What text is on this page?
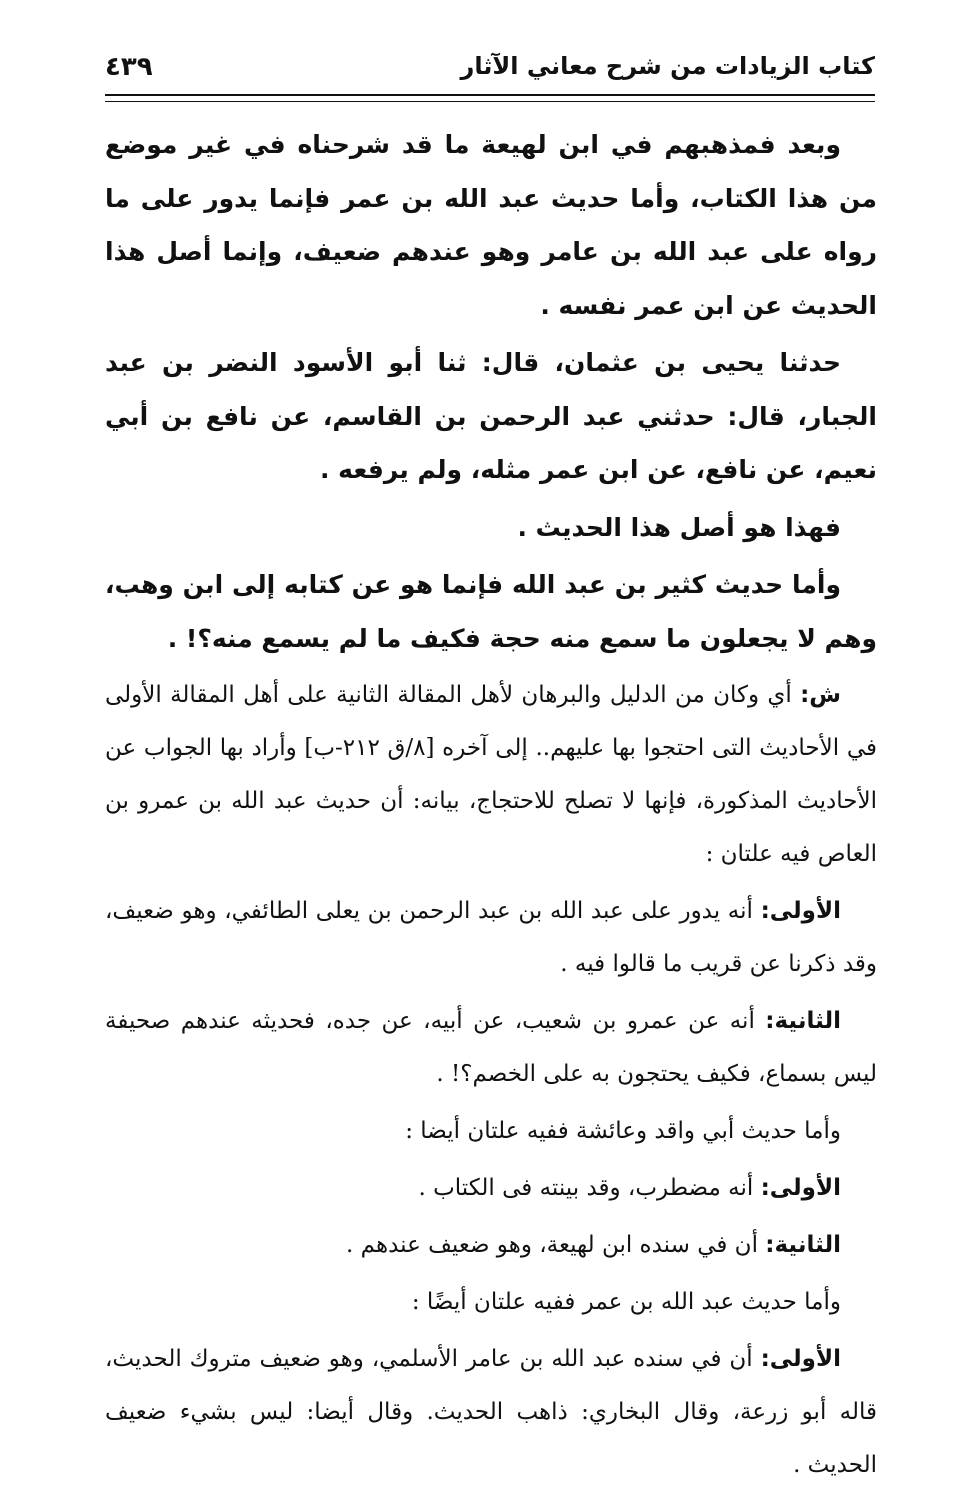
كتاب الزيادات من شرح معاني الآثار
٤٣٩

وبعد فمذهبهم في ابن لهيعة ما قد شرحناه في غير موضع من هذا الكتاب، وأما حديث عبد الله بن عمر فإنما يدور على ما رواه على عبد الله بن عامر وهو عندهم ضعيف، وإنما أصل هذا الحديث عن ابن عمر نفسه .

حدثنا يحيى بن عثمان، قال: ثنا أبو الأسود النضر بن عبد الجبار، قال: حدثني عبد الرحمن بن القاسم، عن نافع بن أبي نعيم، عن نافع، عن ابن عمر مثله، ولم يرفعه .

فهذا هو أصل هذا الحديث .

وأما حديث كثير بن عبد الله فإنما هو عن كتابه إلى ابن وهب، وهم لا يجعلون ما سمع منه حجة فكيف ما لم يسمع منه؟! .

ش: أي وكان من الدليل والبرهان لأهل المقالة الثانية على أهل المقالة الأولى في الأحاديث التى احتجوا بها عليهم.. إلى آخره [٨/ق ٢١٢-ب] وأراد بها الجواب عن الأحاديث المذكورة، فإنها لا تصلح للاحتجاج، بيانه: أن حديث عبد الله بن عمرو بن العاص فيه علتان :

الأولى: أنه يدور على عبد الله بن عبد الرحمن بن يعلى الطائفي، وهو ضعيف، وقد ذكرنا عن قريب ما قالوا فيه .

الثانية: أنه عن عمرو بن شعيب، عن أبيه، عن جده، فحديثه عندهم صحيفة ليس بسماع، فكيف يحتجون به على الخصم؟! .

وأما حديث أبي واقد وعائشة ففيه علتان أيضا :

الأولى: أنه مضطرب، وقد بينته فى الكتاب .

الثانية: أن في سنده ابن لهيعة، وهو ضعيف عندهم .

وأما حديث عبد الله بن عمر ففيه علتان أيضًا :

الأولى: أن في سنده عبد الله بن عامر الأسلمي، وهو ضعيف متروك الحديث، قاله أبو زرعة، وقال البخاري: ذاهب الحديث. وقال أيضا: ليس بشيء ضعيف الحديث .
